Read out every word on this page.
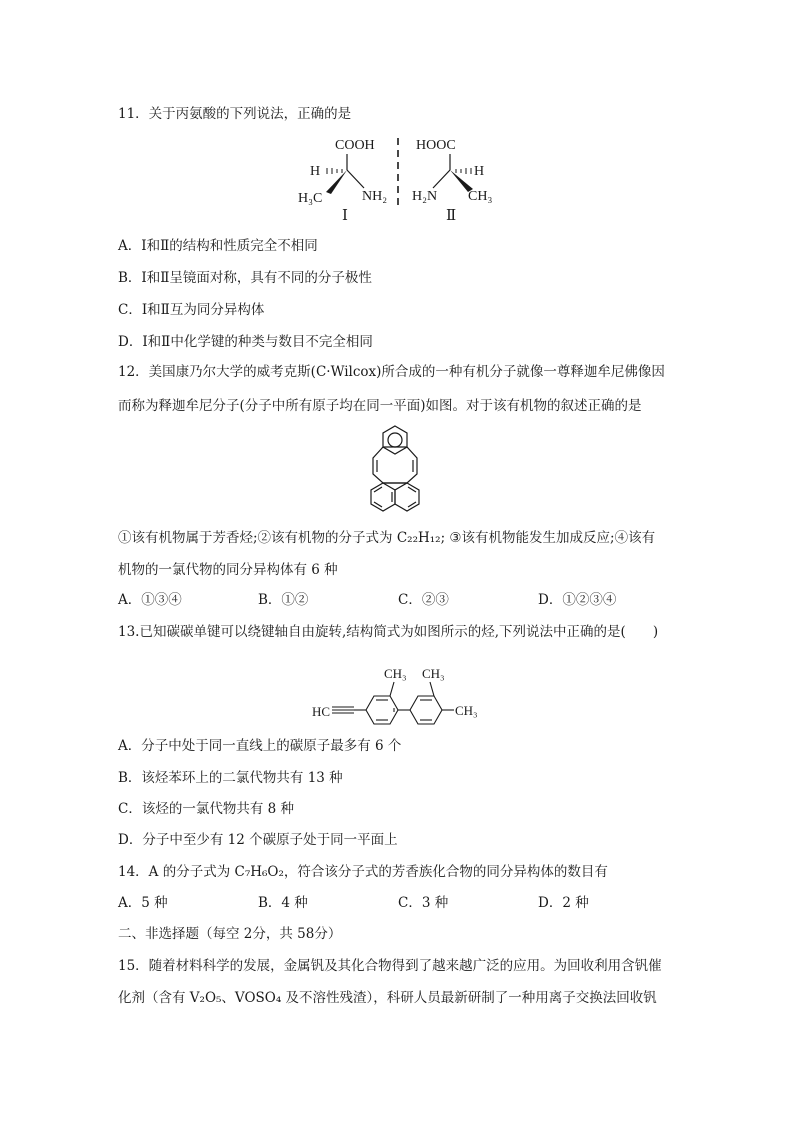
11．关于丙氨酸的下列说法，正确的是
COOH
H
H₃C	NH₂
Ⅰ
HOOC
H
H₂N CH₃
Ⅱ
A．Ⅰ和Ⅱ的结构和性质完全不相同
B．Ⅰ和Ⅱ呈镜面对称，具有不同的分子极性
C．Ⅰ和Ⅱ互为同分异构体
D．Ⅰ和Ⅱ中化学键的种类与数目不完全相同
12．美国康乃尔大学的威考克斯(C·Wilcox)所合成的一种有机分子就像一尊释迦牟尼佛像因
而称为释迦牟尼分子(分子中所有原子均在同一平面)如图。对于该有机物的叙述正确的是
①该有机物属于芳香烃;②该有机物的分子式为 C₂₂H₁₂; ③该有机物能发生加成反应;④该有
机物的一氯代物的同分异构体有 6 种
A．①③④	B．①②	C．②③	D．①②③④
13.已知碳碳单键可以绕键轴自由旋转,结构简式为如图所示的烃,下列说法中正确的是(　　)
HC
CH₃ CH₃
CH₃
A．分子中处于同一直线上的碳原子最多有 6 个
B．该烃苯环上的二氯代物共有 13 种
C．该烃的一氯代物共有 8 种
D．分子中至少有 12 个碳原子处于同一平面上
14．A 的分子式为 C₇H₆O₂，符合该分子式的芳香族化合物的同分异构体的数目有
A．5 种	B．4 种	C．3 种	D．2 种
二、非选择题（每空 2分，共 58分）
15．随着材料科学的发展，金属钒及其化合物得到了越来越广泛的应用。为回收利用含钒催
化剂（含有 V₂O₅、VOSO₄ 及不溶性残渣），科研人员最新研制了一种用离子交换法回收钒
